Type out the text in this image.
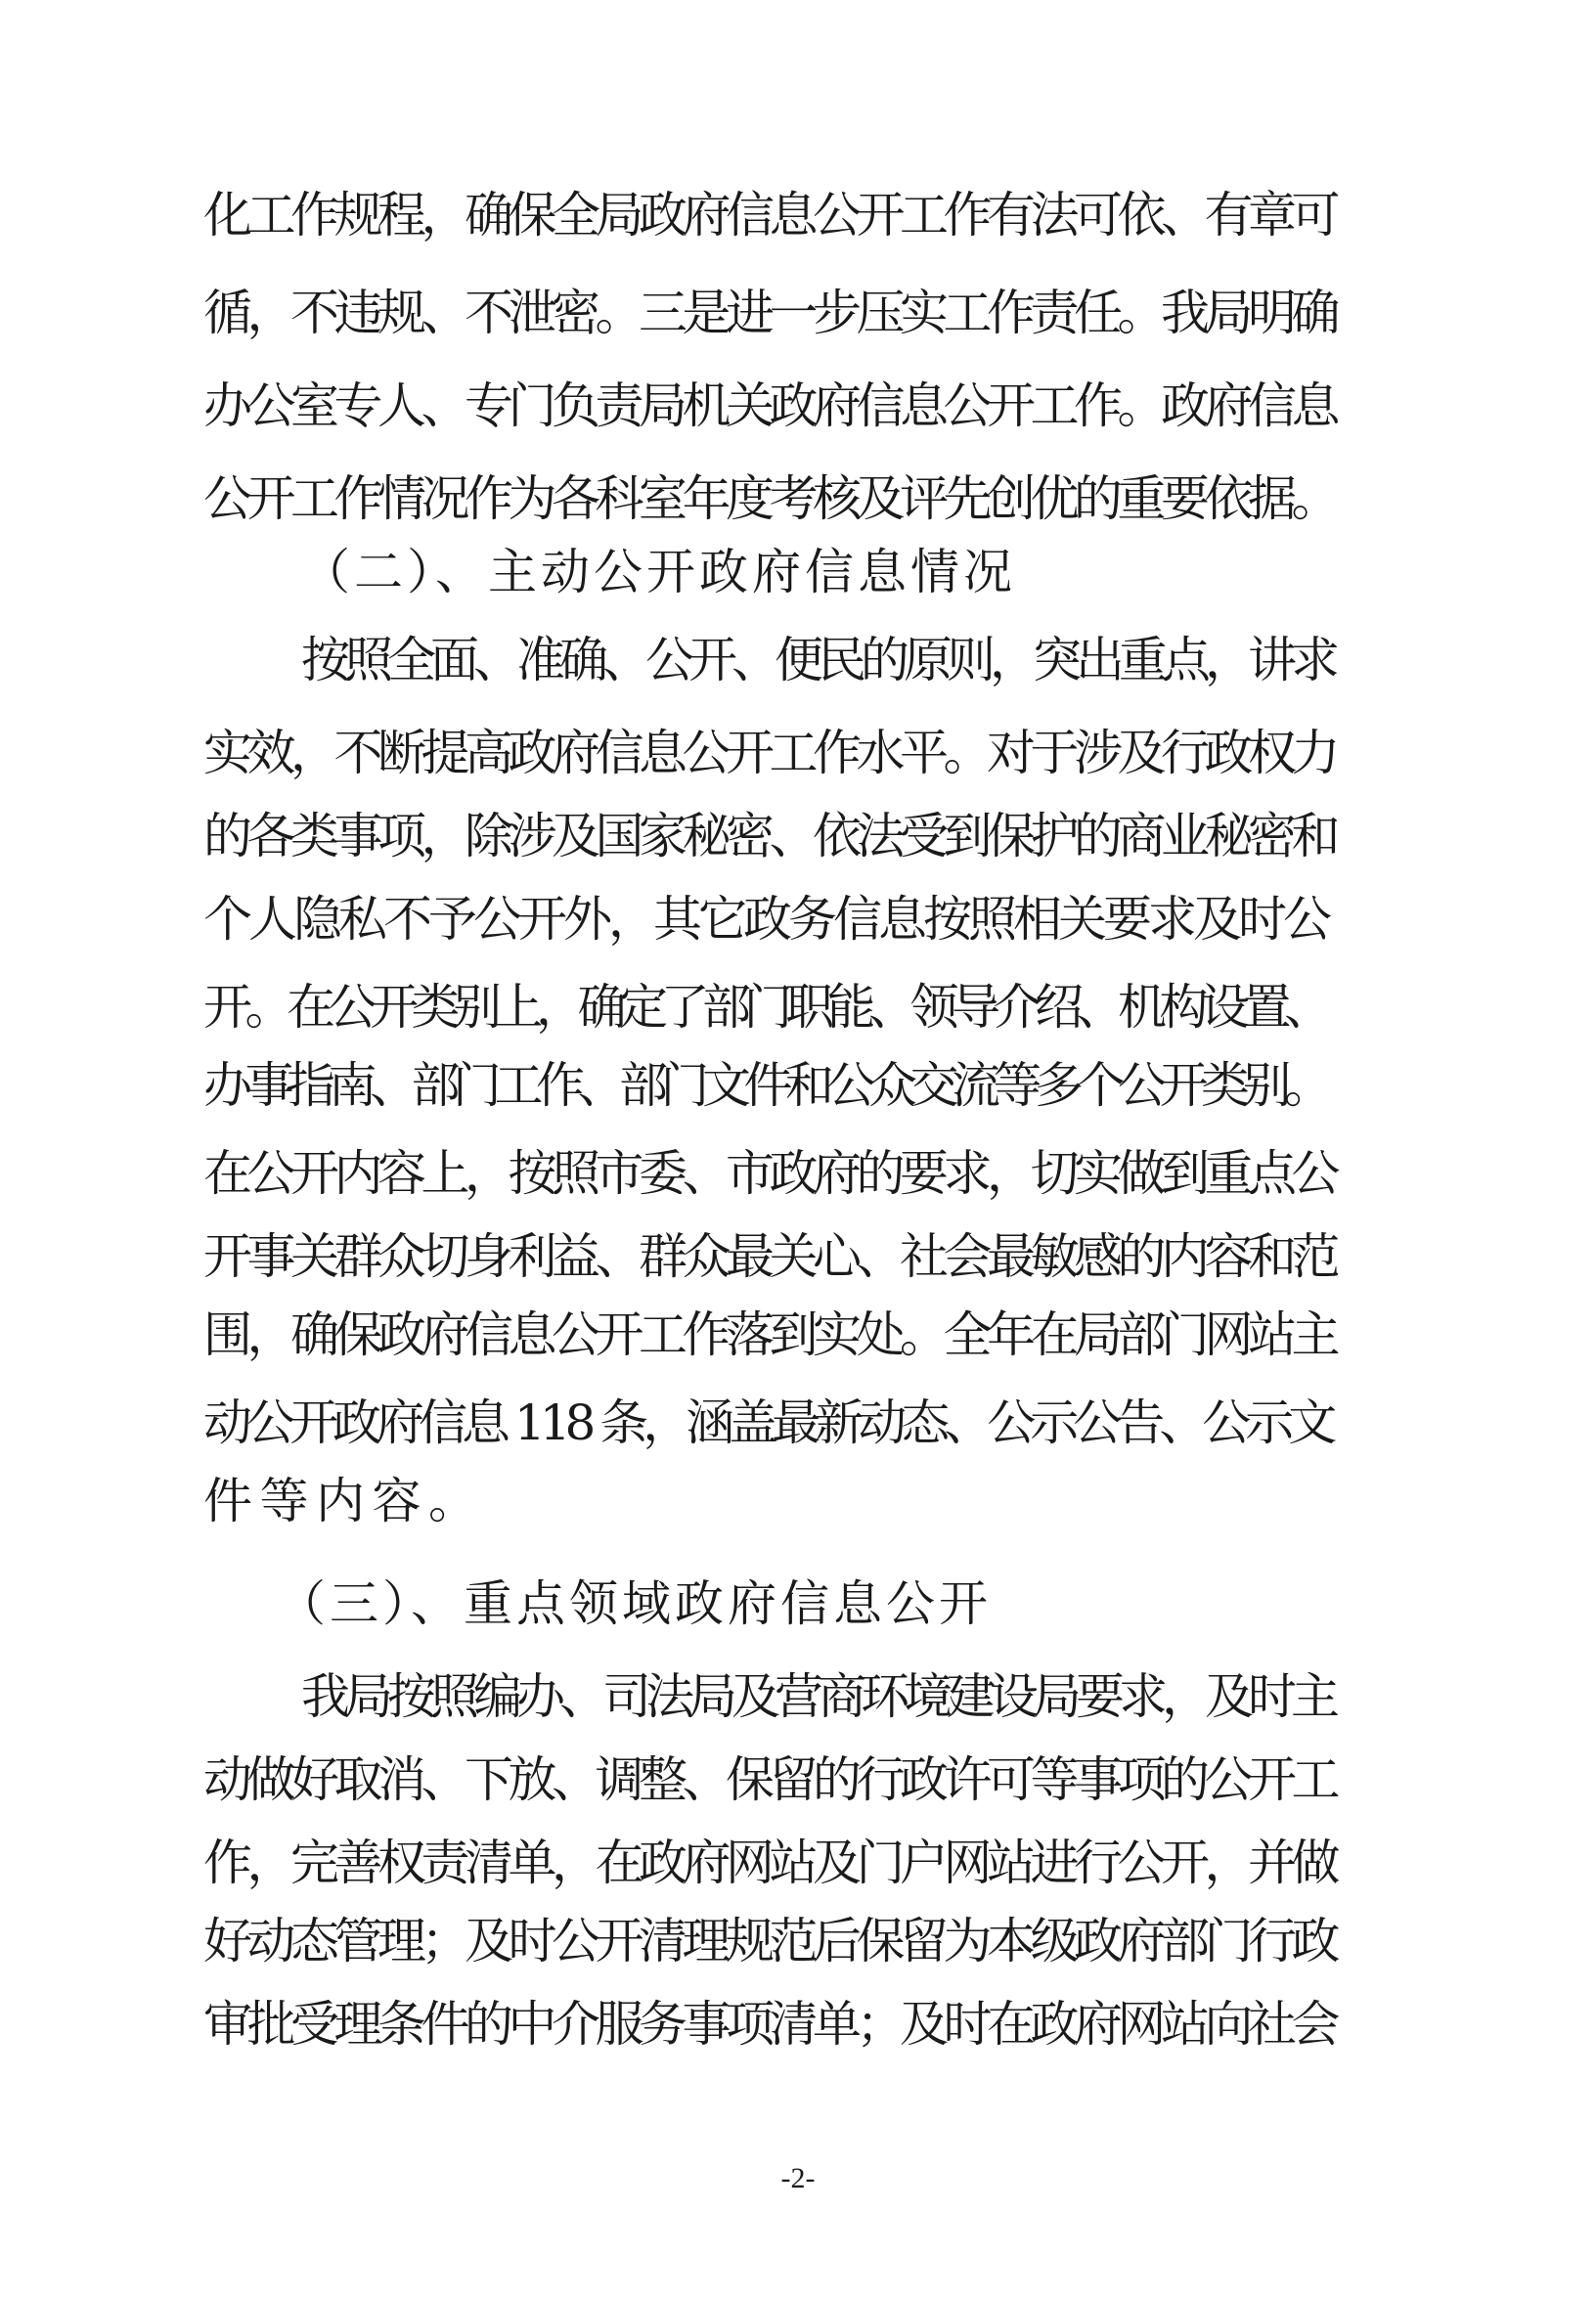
化工作规程，确保全局政府信息公开工作有法可依、有章可
循，不违规、不泄密。三是进一步压实工作责任。我局明确
办公室专人、专门负责局机关政府信息公开工作。政府信息
公开工作情况作为各科室年度考核及评先创优的重要依据。
（二）、主动公开政府信息情况
按照全面、准确、公开、便民的原则，突出重点，讲求
实效，不断提高政府信息公开工作水平。对于涉及行政权力
的各类事项，除涉及国家秘密、依法受到保护的商业秘密和
个人隐私不予公开外，其它政务信息按照相关要求及时公
开。在公开类别上，确定了部门职能、领导介绍、机构设置、
办事指南、部门工作、部门文件和公众交流等多个公开类别。
在公开内容上，按照市委、市政府的要求，切实做到重点公
开事关群众切身利益、群众最关心、社会最敏感的内容和范
围，确保政府信息公开工作落到实处。全年在局部门网站主
动公开政府信息 118 条，涵盖最新动态、公示公告、公示文
件等内容。
（三）、重点领域政府信息公开
我局按照编办、司法局及营商环境建设局要求，及时主
动做好取消、下放、调整、保留的行政许可等事项的公开工
作，完善权责清单，在政府网站及门户网站进行公开，并做
好动态管理；及时公开清理规范后保留为本级政府部门行政
审批受理条件的中介服务事项清单；及时在政府网站向社会
-2-
